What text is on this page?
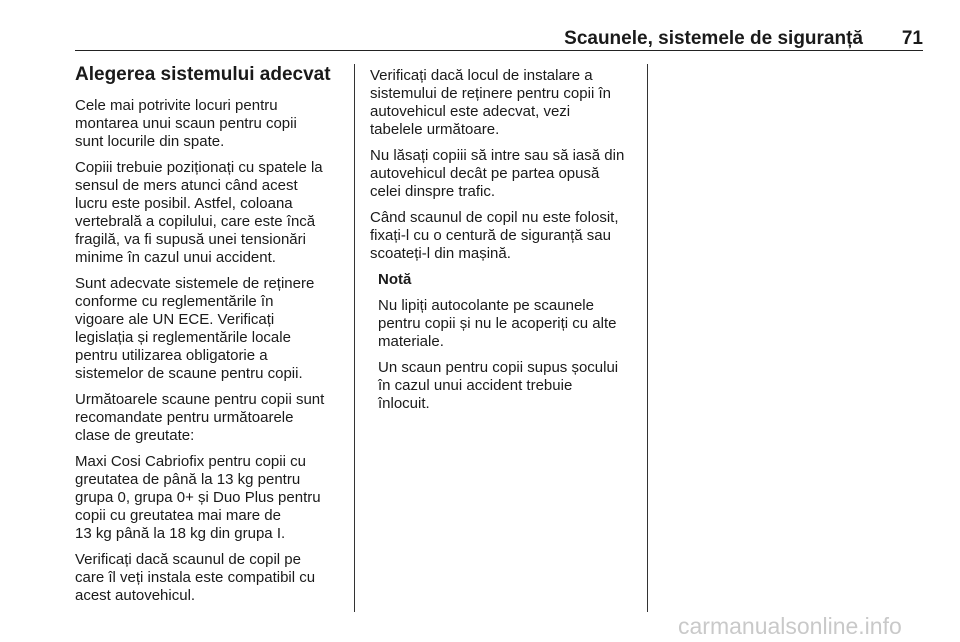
Scaunele, sistemele de siguranță 71
Alegerea sistemului adecvat

Cele mai potrivite locuri pentru
montarea unui scaun pentru copii
sunt locurile din spate.

Copiii trebuie poziționați cu spatele la
sensul de mers atunci când acest
lucru este posibil. Astfel, coloana
vertebrală a copilului, care este încă
fragilă, va fi supusă unei tensionări
minime în cazul unui accident.

Sunt adecvate sistemele de reținere
conforme cu reglementările în
vigoare ale UN ECE. Verificați
legislația și reglementările locale
pentru utilizarea obligatorie a
sistemelor de scaune pentru copii.

Următoarele scaune pentru copii sunt
recomandate pentru următoarele
clase de greutate:

Maxi Cosi Cabriofix pentru copii cu
greutatea de până la 13 kg pentru
grupa 0, grupa 0+ și Duo Plus pentru
copii cu greutatea mai mare de
13 kg până la 18 kg din grupa I.

Verificați dacă scaunul de copil pe
care îl veți instala este compatibil cu
acest autovehicul.

Verificați dacă locul de instalare a
sistemului de reținere pentru copii în
autovehicul este adecvat, vezi
tabelele următoare.

Nu lăsați copiii să intre sau să iasă din
autovehicul decât pe partea opusă
celei dinspre trafic.

Când scaunul de copil nu este folosit,
fixați-l cu o centură de siguranță sau
scoateți-l din mașină.

Notă

Nu lipiți autocolante pe scaunele
pentru copii și nu le acoperiți cu alte
materiale.

Un scaun pentru copii supus șocului
în cazul unui accident trebuie
înlocuit.

carmanualsonline.info
